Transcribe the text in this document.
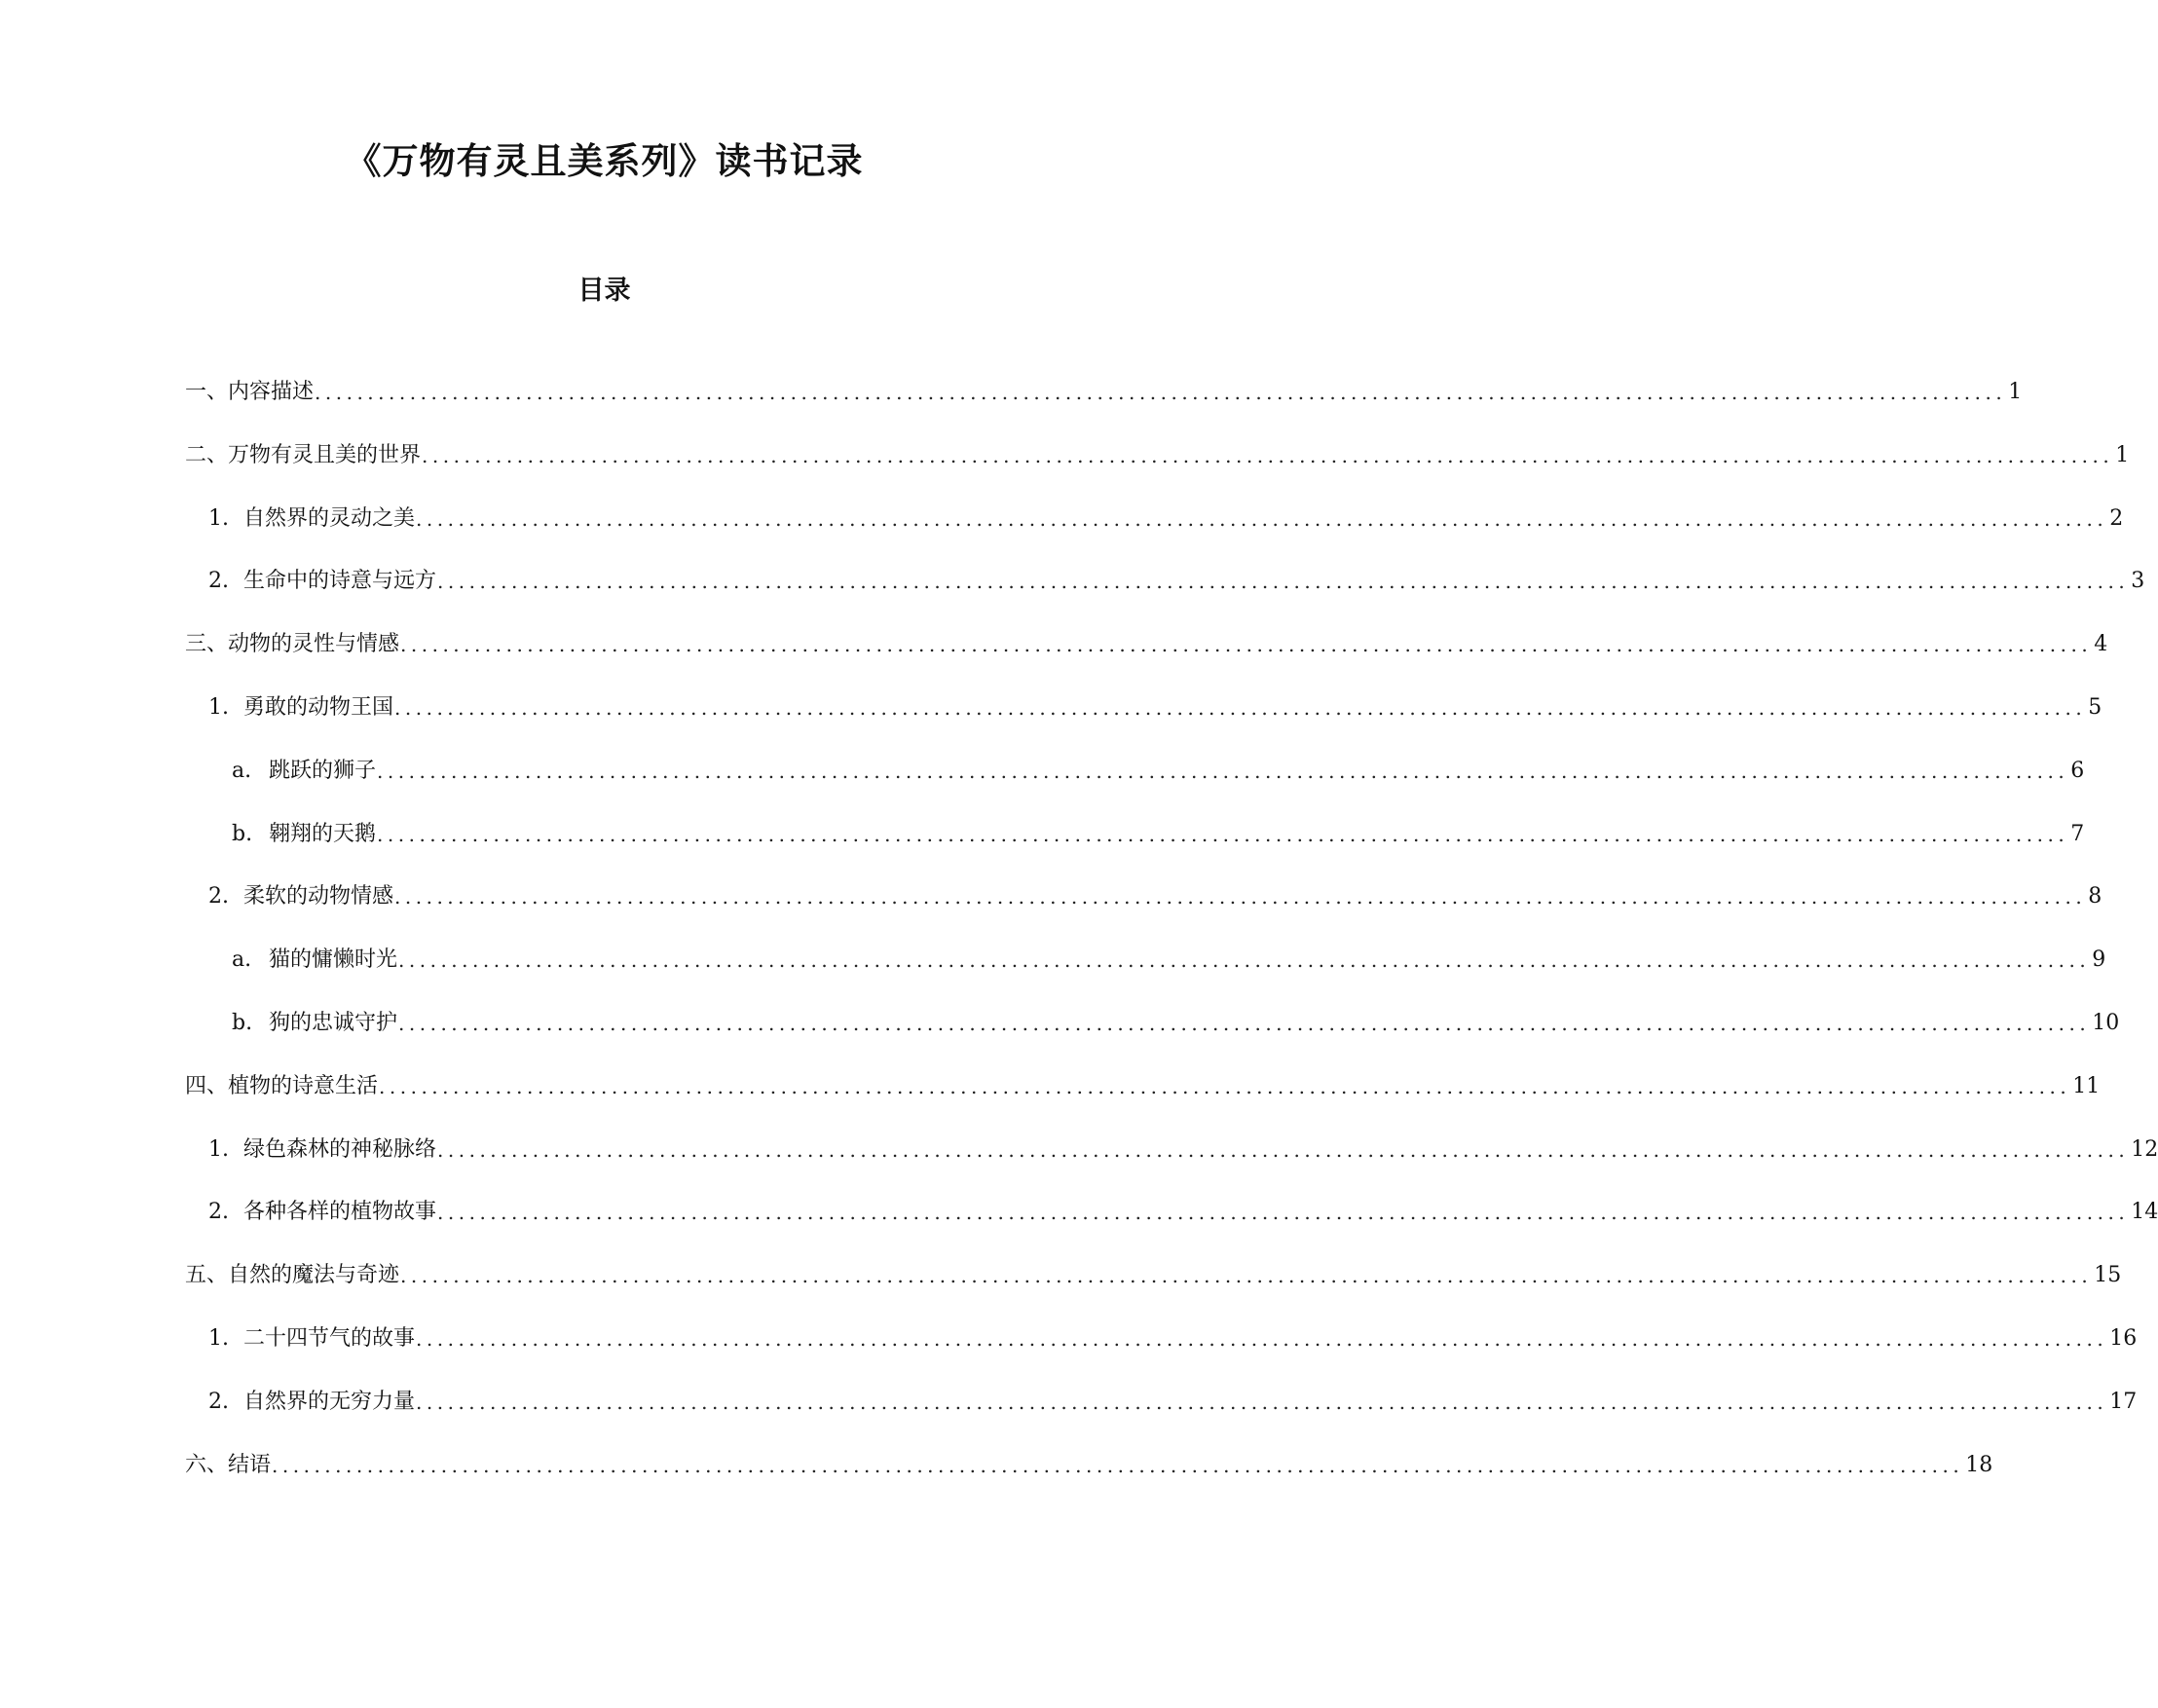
《万物有灵且美系列》读书记录
目录
一、内容描述 ................................................................................................................................................................ 1
二、万物有灵且美的世界 ................................................................................................................................................................ 1
1. 自然界的灵动之美 ................................................................................................................................................................ 2
2. 生命中的诗意与远方 ................................................................................................................................................................ 3
三、动物的灵性与情感 ................................................................................................................................................................ 4
1. 勇敢的动物王国 ................................................................................................................................................................ 5
a. 跳跃的狮子 ................................................................................................................................................................ 6
b. 翱翔的天鹅 ................................................................................................................................................................ 7
2. 柔软的动物情感 ................................................................................................................................................................ 8
a. 猫的慵懒时光 ................................................................................................................................................................ 9
b. 狗的忠诚守护 ................................................................................................................................................................ 10
四、植物的诗意生活 ................................................................................................................................................................ 11
1. 绿色森林的神秘脉络 ................................................................................................................................................................ 12
2. 各种各样的植物故事 ................................................................................................................................................................ 14
五、自然的魔法与奇迹 ................................................................................................................................................................ 15
1. 二十四节气的故事 ................................................................................................................................................................ 16
2. 自然界的无穷力量 ................................................................................................................................................................ 17
六、结语 ................................................................................................................................................................ 18
